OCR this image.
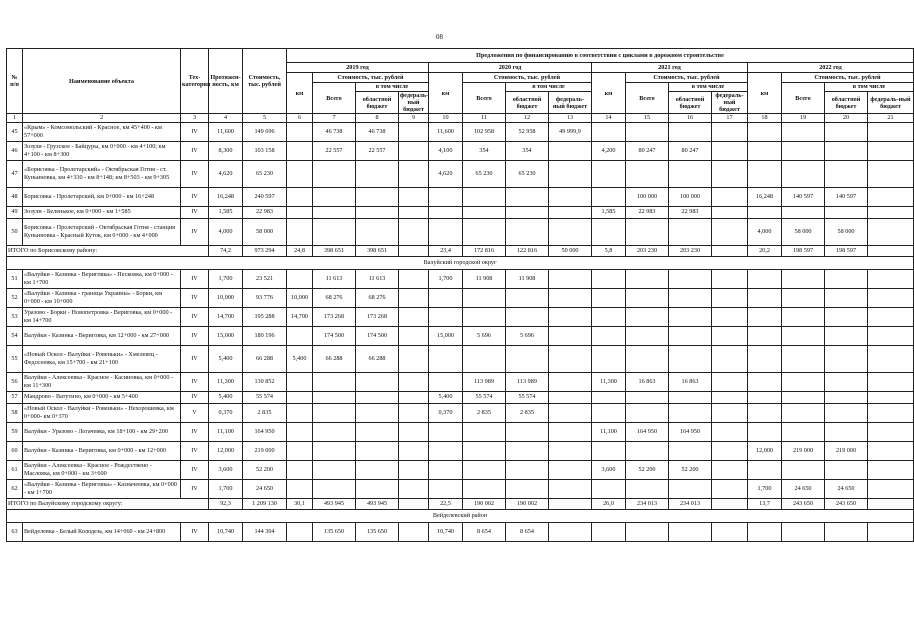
08
№ п/п	Наименование объекта	Тех-категория	Протяжен-ность, км	Стоимость, тыс. рублей	Предложения по финансированию в соответствии с циклами в дорожном строительстве															
					2019 год				2020 год				2021 год				2022 год			
					км	Стоимость, тыс. рублей			км	Стоимость, тыс. рублей			км	Стоимость, тыс. рублей			км	Стоимость, тыс. рублей		
						Всего	в том числе			Всего	в том числе			Всего	в том числе			Всего	в том числе	
							областной бюджет	федераль-ный бюджет			областной бюджет	федераль-ный бюджет			областной бюджет	федераль-ный бюджет			областной бюджет	федераль-ный бюджет
1	2	3	4	5	6	7	8	9	10	11	12	13	14	15	16	17	18	19	20	21
45	«Крым» - Комсомольский - Красное, км 45+400 - км 57+000	IV	11,600	149 696		46 738	46 738		11,600	102 958	52 958	49 999,9								
46	Зозули - Грузское - Байцуры, км 0+000 - км 4+100; км 4+100 - км 8+300	IV	8,300	103 158		22 557	22 557		4,100	354	354		4,200	80 247	80 247					
47	«Борисовка - Пролетарский» - Октябрьская Готня - ст. Куньиновка, км 4+330 - км 8+148; км 8+503 - км 9+305	IV	4,620	65 230					4,620	65 230	65 230									
48	Борисовка - Пролетарский, км 0+000 - км 16+248	IV	16,248	240 597										100 000	100 000		16,248	140 597	140 597	
49	Зозули - Беленькое, км 0+000 - км 1+585	IV	1,585	22 983									1,585	22 983	22 983					
50	Борисовка - Пролетарский - Октябрьская Готня - станция Куньиновка - Красный Куток, км 0+000 - км 4+000	IV	4,000	58 000													4,000	58 000	58 000	
ИТОГО по Борисовскому району:			74,2	973 294	24,8	398 651	398 651		23,4	172 816	122 816	50 000	5,8	203 230	203 230		20,2	198 597	198 597	
Валуйский городской округ																				
51	«Валуйки - Казинка - Вериговка» - Песковка, км 0+000 - км 1+700	IV	1,700	23 521		11 613	11 613		1,700	11 908	11 908									
52	«Валуйки - Казинка - граница Украины» - Борки, км 0+000 - км 10+000	IV	10,000	93 776	10,000	68 276	68 276													
53	Уразово - Борки - Новопетровка - Вериговка, км 0+000 - км 14+700	IV	14,700	195 288	14,700	173 268	173 268													
54	Валуйки - Казинка - Вериговка, км 12+000 - км 27+000	IV	15,000	180 196		174 500	174 500		15,000	5 696	5 696									
55	«Новый Оскол - Валуйки - Ровеньки» - Хмелевец - Федосеевка, км 15+700 - км 21+100	IV	5,400	66 288	5,400	66 288	66 288													
56	Валуйки - Алексеевка - Красное - Касиновка, км 0+000 - км 11+300	IV	11,300	130 852						113 989	113 989		11,300	16 863	16 863					
57	Мандрово - Ватутино, км 0+000 - км 5+400	IV	5,400	55 574					5,400	55 574	55 574									
58	«Новый Оскол - Валуйки - Ровеньки» - Нехорошевка, км 0+000- км 0+370	V	0,370	2 835					0,370	2 835	2 835									
59	Валуйки - Уразово - Логачевка, км 18+100 - км 29+200	IV	11,100	164 950									11,100	164 950	164 950					
60	Валуйки - Казинка - Вериговка, км 0+000 - км 12+000	IV	12,000	219 000													12,000	219 000	219 000	
61	Валуйки - Алексеевка - Красное - Рождествено - Масловка, км 0+000 - км 3+600	IV	3,600	52 200									3,600	52 200	52 200					
62	«Валуйки - Казинка - Вериговка» - Казначеевка, км 0+000 - км 1+700	IV	1,700	24 650													1,700	24 650	24 650	
ИТОГО по Валуйскому городскому округу:			92,3	1 209 130	30,1	493 945	493 945		22,5	190 002	190 002		26,0	234 013	234 013		13,7	243 650	243 650	
Вейделевский район																				
63	Вейделевка - Белый Колодезь, км 14+060 - км 24+800	IV	10,740	144 304		135 650	135 650		10,740	8 654	8 654									
